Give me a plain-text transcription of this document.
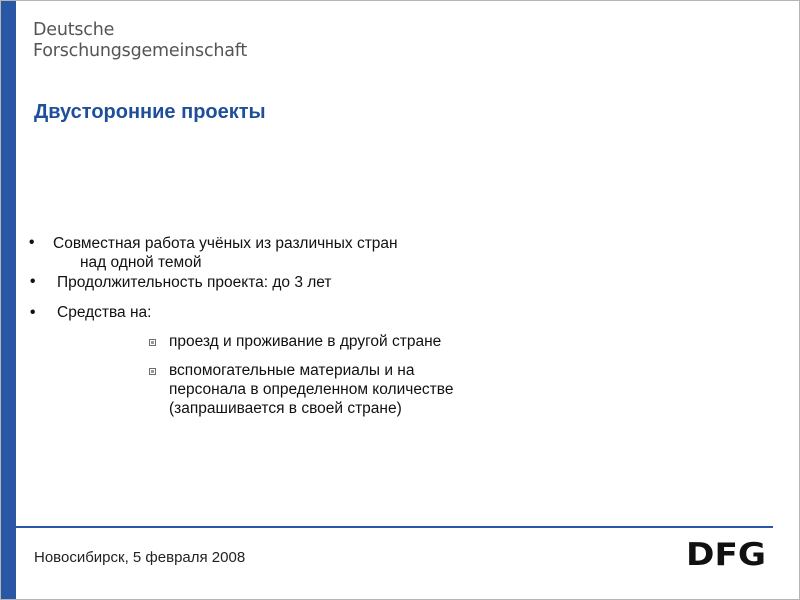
Deutsche
Forschungsgemeinschaft
Двусторонние проекты
• Совместная работа учёных из различных стран
над одной темой
• Продолжительность проекта: до 3 лет
• Средства на:
проезд и проживание в другой стране
вспомогательные материалы и на
персонала в определенном количестве
(запрашивается в своей стране)
Новосибирск, 5 февраля 2008	DFG
